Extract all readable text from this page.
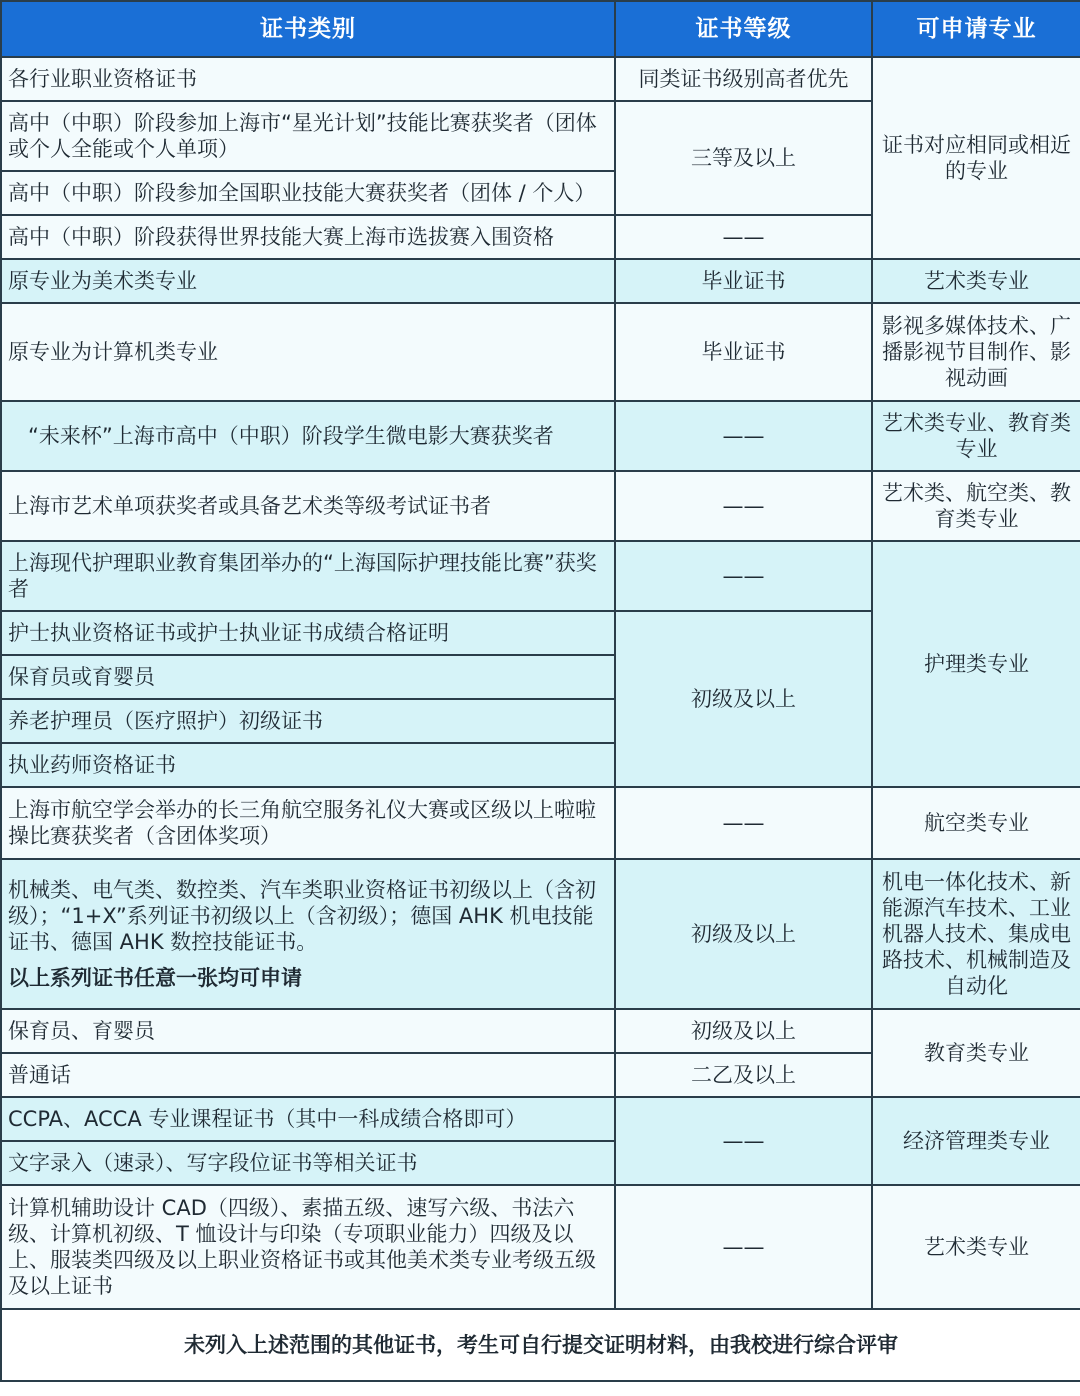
证书类别	证书等级	可申请专业
各行业职业资格证书	同类证书级别高者优先	证书对应相同或相近的专业
高中（中职）阶段参加上海市“星光计划”技能比赛获奖者（团体或个人全能或个人单项）	三等及以上	
高中（中职）阶段参加全国职业技能大赛获奖者（团体 / 个人）		
高中（中职）阶段获得世界技能大赛上海市选拔赛入围资格	——	
原专业为美术类专业	毕业证书	艺术类专业
原专业为计算机类专业	毕业证书	影视多媒体技术、广播影视节目制作、影视动画
“未来杯”上海市高中（中职）阶段学生微电影大赛获奖者	——	艺术类专业、教育类专业
上海市艺术单项获奖者或具备艺术类等级考试证书者	——	艺术类、航空类、教育类专业
上海现代护理职业教育集团举办的“上海国际护理技能比赛”获奖者	——	护理类专业
护士执业资格证书或护士执业证书成绩合格证明	初级及以上	
保育员或育婴员		
养老护理员（医疗照护）初级证书		
执业药师资格证书		
上海市航空学会举办的长三角航空服务礼仪大赛或区级以上啦啦操比赛获奖者（含团体奖项）	——	航空类专业
机械类、电气类、数控类、汽车类职业资格证书初级以上（含初级）；“1+X”系列证书初级以上（含初级）；德国 AHK 机电技能证书、德国 AHK 数控技能证书。
以上系列证书任意一张均可申请	初级及以上	机电一体化技术、新能源汽车技术、工业机器人技术、集成电路技术、机械制造及自动化
保育员、育婴员	初级及以上	教育类专业
普通话	二乙及以上	
CCPA、ACCA 专业课程证书（其中一科成绩合格即可）	——	经济管理类专业
文字录入（速录）、写字段位证书等相关证书		
计算机辅助设计 CAD（四级）、素描五级、速写六级、书法六级、计算机初级、T 恤设计与印染（专项职业能力）四级及以上、服装类四级及以上职业资格证书或其他美术类专业考级五级及以上证书	——	艺术类专业
未列入上述范围的其他证书，考生可自行提交证明材料，由我校进行综合评审		
